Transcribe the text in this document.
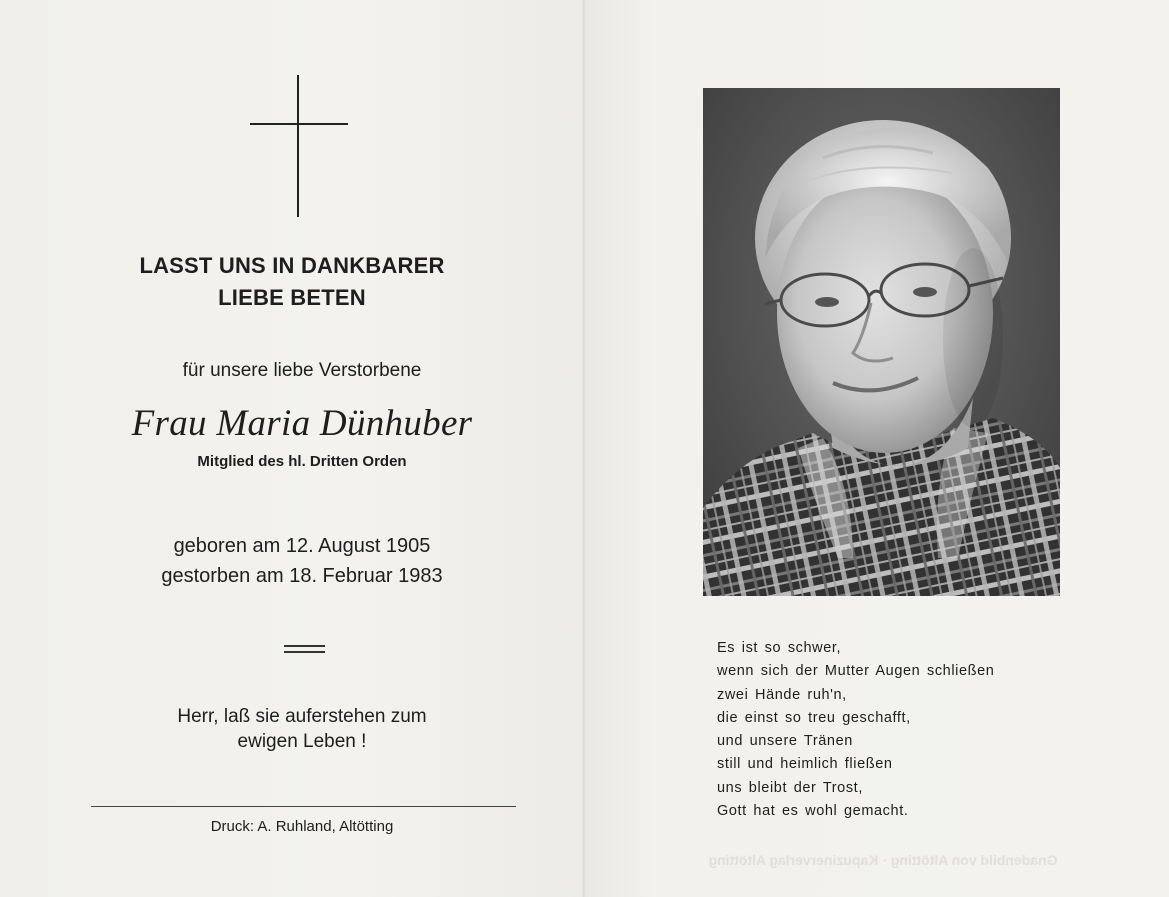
LASST UNS IN DANKBARER
LIEBE BETEN
für unsere liebe Verstorbene
Frau Maria Dünhuber
Mitglied des hl. Dritten Orden
geboren am 12. August 1905
gestorben am 18. Februar 1983
Herr, laß sie auferstehen zum
ewigen Leben !
Druck: A. Ruhland, Altötting
Es ist so schwer,
wenn sich der Mutter Augen schließen
zwei Hände ruh'n,
die einst so treu geschafft,
und unsere Tränen
still und heimlich fließen
uns bleibt der Trost,
Gott hat es wohl gemacht.
Gnadenbild von Altötting · Kapuzinerverlag Altötting
